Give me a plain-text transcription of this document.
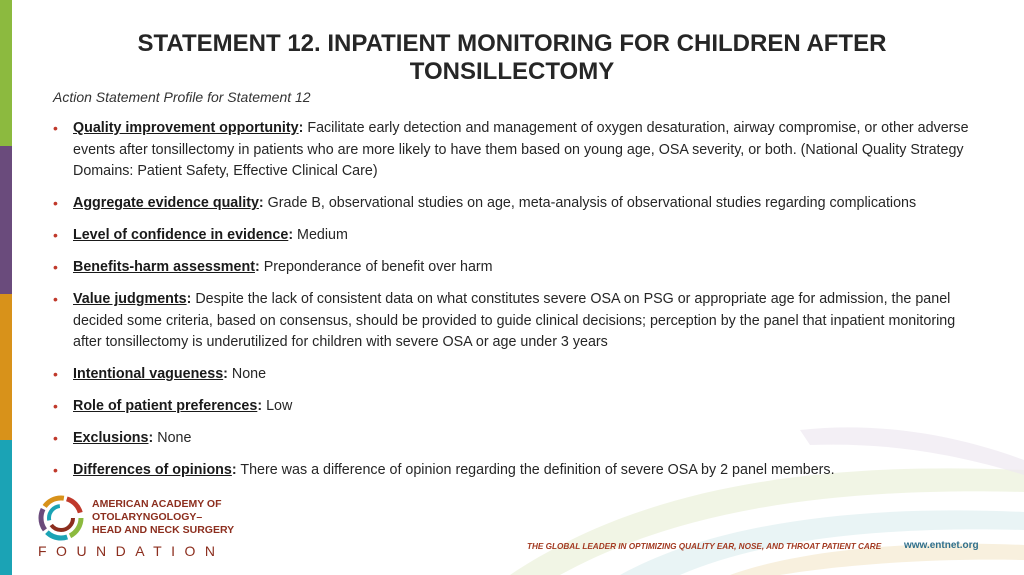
STATEMENT 12. INPATIENT MONITORING FOR CHILDREN AFTER TONSILLECTOMY
Action Statement Profile for Statement 12
• Quality improvement opportunity: Facilitate early detection and management of oxygen desaturation, airway compromise, or other adverse events after tonsillectomy in patients who are more likely to have them based on young age, OSA severity, or both. (National Quality Strategy Domains: Patient Safety, Effective Clinical Care)
• Aggregate evidence quality: Grade B, observational studies on age, meta-analysis of observational studies regarding complications
• Level of confidence in evidence: Medium
• Benefits-harm assessment: Preponderance of benefit over harm
• Value judgments: Despite the lack of consistent data on what constitutes severe OSA on PSG or appropriate age for admission, the panel decided some criteria, based on consensus, should be provided to guide clinical decisions; perception by the panel that inpatient monitoring after tonsillectomy is underutilized for children with severe OSA or age under 3 years
• Intentional vagueness: None
• Role of patient preferences: Low
• Exclusions: None
• Differences of opinions: There was a difference of opinion regarding the definition of severe OSA by 2 panel members.
AMERICAN ACADEMY OF
OTOLARYNGOLOGY–
HEAD AND NECK SURGERY
FOUNDATION	THE GLOBAL LEADER IN OPTIMIZING QUALITY EAR, NOSE, AND THROAT PATIENT CARE www.entnet.org
